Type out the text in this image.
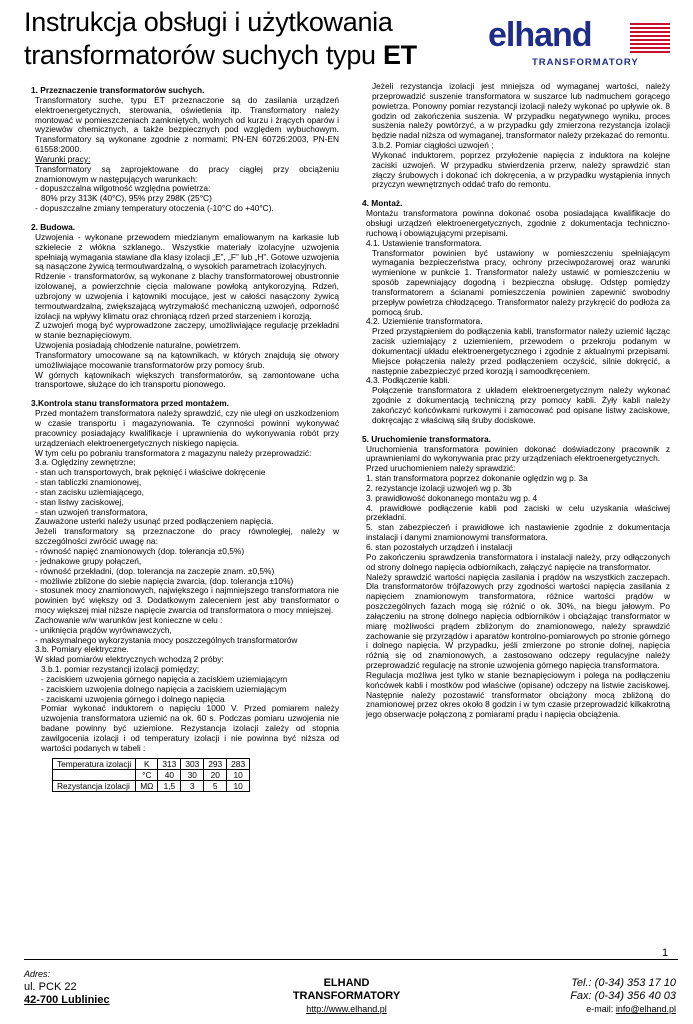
Instrukcja obsługi i użytkowania
transformatorów suchych typu ET
elhand
TRANSFORMATORY

1. Przeznaczenie transformatorów suchych.

Transformatory suche, typu ET przeznaczone są do zasilania urządzeń elektroenergetycznych, sterowania, oświetlenia itp. Transformatory należy montować w pomieszczeniach zamkniętych, wolnych od kurzu i żrących oparów i wyziewów chemicznych, a także bezpiecznych pod względem wybuchowym. Transformatory są wykonane zgodnie z normami: PN-EN 60726:2003, PN-EN 61558:2000.

Warunki pracy:

Transformatory są zaprojektowane do pracy ciągłej przy obciążeniu znamionowym w następujących warunkach:

- dopuszczalna wilgotność względna powietrza:

80% przy 313K (40°C), 95% przy 298K (25°C)

- dopuszczalne zmiany temperatury otoczenia (-10°C do +40°C).

2. Budowa.

Uzwojenia - wykonane przewodem miedzianym emaliowanym na karkasie lub szkielecie z włókna szklanego.. Wszystkie materiały izolacyjne uzwojenia spełniają wymagania stawiane dla klasy izolacji „E”, „F” lub „H”. Gotowe uzwojenia są nasączone żywicą termoutwardzalną, o wysokich parametrach izolacyjnych.

Rdzenie - transformatorów, są wykonane z blachy transformatorowej obustronnie izolowanej, a powierzchnie cięcia malowane powłoką antykorozyjną. Rdzeń, uzbrojony w uzwojenia i kątowniki mocujące, jest w całości nasączony żywicą termoutwardzalną, zwiększającą wytrzymałość mechaniczną uzwojeń, odporność izolacji na wpływy klimatu oraz chroniącą rdzeń przed starzeniem i korozją.

Z uzwojeń mogą być wyprowadzone zaczepy, umożliwiające regulację przekładni w stanie beznapięciowym.

Uzwojenia posiadają chłodzenie naturalne, powietrzem.

Transformatory umocowane są na kątownikach, w których znajdują się otwory umożliwiające mocowanie transformatorów przy pomocy śrub.

W górnych kątownikach większych transformatorów, są zamontowane ucha transportowe, służące do ich transportu pionowego.

3.Kontrola stanu transformatora przed montażem.

Przed montażem transformatora należy sprawdzić, czy nie uległ on uszkodzeniom w czasie transportu i magazynowania. Te czynności powinni wykonywać pracownicy posiadający kwalifikacje i uprawnienia do wykonywania robót przy urządzeniach elektroenergetycznych niskiego napięcia.

W tym celu po pobraniu transformatora z magazynu należy przeprowadzić:

3.a. Oględziny zewnętrzne;

- stan uch transportowych, brak pęknięć i właściwe dokręcenie

- stan tabliczki znamionowej,

- stan zacisku uziemiającego,

- stan listwy zaciskowej,

- stan uzwojeń transformatora,

Zauważone usterki należy usunąć przed podłączeniem napięcia.

Jeżeli transformatory są przeznaczone do pracy równoległej, należy w szczególności zwrócić uwagę na:

- równość napięć znamionowych (dop. tolerancja ±0,5%)

- jednakowe grupy połączeń,

- równość przekładni, (dop. tolerancja na zaczepie znam. ±0,5%)

- możliwie zbliżone do siebie napięcia zwarcia, (dop. tolerancja ±10%)

- stosunek mocy znamionowych, największego i najmniejszego transformatora nie powinien być większy od 3. Dodatkowym zaleceniem jest aby transformator o mocy większej miał niższe napięcie zwarcia od transformatora o mocy mniejszej.

Zachowanie w/w warunków jest konieczne w celu :

- uniknięcia prądów wyrównawczych,

- maksymalnego wykorzystania mocy poszczególnych transformatorów

3.b. Pomiary elektryczne.

W skład pomiarów elektrycznych wchodzą 2 próby:

3.b.1. pomiar rezystancji izolacji pomiędzy;

- zaciskiem uzwojenia górnego napięcia a zaciskiem uziemiającym

- zaciskiem uzwojenia dolnego napięcia a zaciskiem uziemiającym

- zaciskami uzwojenia górnego i dolnego napięcia

Pomiar wykonać induktorem o napięciu 1000 V. Przed pomiarem należy uzwojenia transformatora uziemić na ok. 60 s. Podczas pomiaru uzwojenia nie badane powinny być uziemione. Rezystancja izolacji zależy od stopnia zawilgocenia izolacji i od temperatury izolacji i nie powinna być niższa od wartości podanych w tabeli :

Temperatura izolacji	K	313	303	293	283
	°C	40	30	20	10
Rezystancja izolacji	MΩ	1,5	3	5	10

Jeżeli rezystancja izolacji jest mniejsza od wymaganej wartości, należy przeprowadzić suszenie transformatora w suszarce lub nadmuchem gorącego powietrza. Ponowny pomiar rezystancji izolacji należy wykonać po upływie ok. 8 godzin od zakończenia suszenia. W przypadku negatywnego wyniku, proces suszenia należy powtórzyć, a w przypadku gdy zmierzona rezystancja izolacji będzie nadal niższa od wymaganej, transformator należy przekazać do remontu.

3.b.2. Pomiar ciągłości uzwojeń ;

Wykonać induktorem, poprzez przyłożenie napięcia z induktora na kolejne zaciski uzwojeń. W przypadku stwierdzenia przerw, należy sprawdzić stan złączy śrubowych i dokonać ich dokręcenia, a w przypadku wystąpienia innych przyczyn wewnętrznych oddać trafo do remontu.

4. Montaż.

Montażu transformatora powinna dokonać osoba posiadająca kwalifikacje do obsługi urządzeń elektroenergetycznych, zgodnie z dokumentacja techniczno-ruchową i obowiązującymi przepisami.

4.1. Ustawienie transformatora.

Transformator powinien być ustawiony w pomieszczeniu spełniającym wymagania bezpieczeństwa pracy, ochrony przeciwpożarowej oraz warunki wymienione w punkcie 1. Transformator należy ustawić w pomieszczeniu w sposób zapewniający dogodną i bezpieczna obsługę. Odstęp pomiędzy transformatorem a ścianami pomieszczenia powinien zapewnić swobodny przepływ powietrza chłodzącego. Transformator należy przykręcić do podłoża za pomocą śrub.

4.2. Uziemienie transformatora.

Przed przystąpieniem do podłączenia kabli, transformator należy uziemić łącząc zacisk uziemiający z uziemieniem, przewodem o przekroju podanym w dokumentacji układu elektroenergetycznego i zgodnie z aktualnymi przepisami. Miejsce połączenia należy przed podłączeniem oczyścić, silnie dokręcić, a następnie zabezpieczyć przed korozją i samoodkręceniem.

4.3. Podłączenie kabli.

Połączenie transformatora z układem elektroenergetycznym należy wykonać zgodnie z dokumentacją techniczną przy pomocy kabli. Żyły kabli należy zakończyć końcówkami rurkowymi i zamocować pod opisane listwy zaciskowe, dokręcając z właściwą siłą śruby dociskowe.

5. Uruchomienie transformatora.

Uruchomienia transformatora powinien dokonać doświadczony pracownik z uprawnieniami do wykonywania prac przy urządzeniach elektroenergetycznych.

Przed uruchomieniem należy sprawdzić:

1. stan transformatora poprzez dokonanie oględzin wg p. 3a

2. rezystancje izolacji uzwojeń wg p. 3b

3. prawidłowość dokonanego montażu wg p. 4

4. prawidłowe podłączenie kabli pod zaciski w celu uzyskania właściwej przekładni.

5. stan zabezpieczeń i prawidłowe ich nastawienie zgodnie z dokumentacja instalacji i danymi znamionowymi transformatora.

6. stan pozostałych urządzeń i instalacji

Po zakończeniu sprawdzenia transformatora i instalacji należy, przy odłączonych od strony dolnego napięcia odbiornikach, załączyć napięcie na transformator.

Należy sprawdzić wartości napięcia zasilania i prądów na wszystkich zaczepach. Dla transformatorów trójfazowych przy zgodności wartości napięcia zasilania z napięciem znamionowym transformatora, różnice wartości prądów w poszczególnych fazach mogą się różnić o ok. 30%, na biegu jałowym. Po załączeniu na stronę dolnego napięcia odbiorników i obciążając transformator w miarę możliwości prądem zbliżonym do znamionowego, należy sprawdzić zachowanie się przyrządów i aparatów kontrolno-pomiarowych po stronie górnego i dolnego napięcia. W przypadku, jeśli zmierzone po stronie dolnej, napięcia różnią się od znamionowych, a zastosowano odczepy regulacyjne należy przeprowadzić regulację na stronie uzwojenia górnego napięcia transformatora.

Regulacja możliwa jest tylko w stanie beznapięciowym i polega na podłączeniu końcówek kabli i mostków pod właściwe (opisane) odczepy na listwie zaciskowej. Następnie należy pozostawić transformator obciążony mocą zbliżoną do znamionowej przez okres około 8 godzin i w tym czasie przeprowadzić kilkakrotną jego obserwacje połączoną z pomiarami prądu i napięcia obciążenia.

1
Adres:
ul. PCK 22
42-700 Lubliniec
ELHAND
TRANSFORMATORY
http://www.elhand.pl
Tel.: (0-34) 353 17 10
Fax: (0-34) 356 40 03
e-mail: info@elhand.pl
